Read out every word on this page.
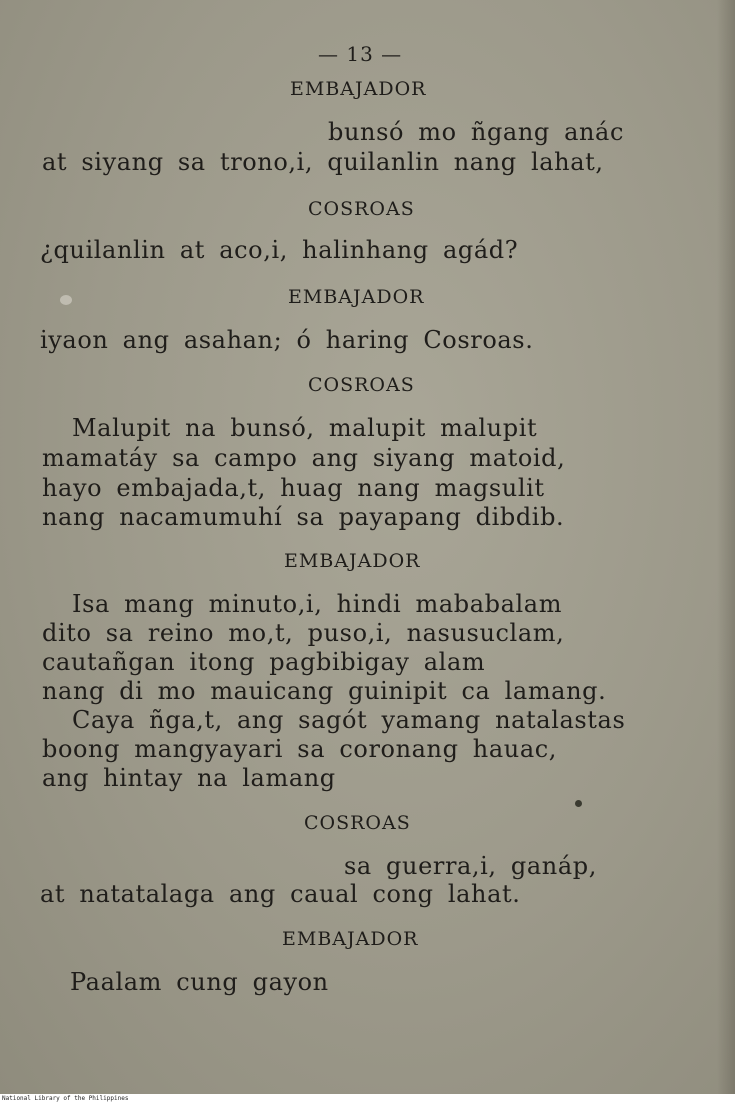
— 13 —
EMBAJADOR
bunsó mo ñgang anác
at siyang sa trono,i, quilanlin nang lahat,
COSROAS
¿quilanlin at aco,i, halinhang agád?
EMBAJADOR
iyaon ang asahan; ó haring Cosroas.
COSROAS
Malupit na bunsó, malupit malupit
mamatáy sa campo ang siyang matoid,
hayo embajada,t, huag nang magsulit
nang nacamumuhí sa payapang dibdib.
EMBAJADOR
Isa mang minuto,i, hindi mababalam
dito sa reino mo,t, puso,i, nasusuclam,
cautañgan itong pagbibigay alam
nang di mo mauicang guinipit ca lamang.
Caya ñga,t, ang sagót yamang natalastas
boong mangyayari sa coronang hauac,
ang hintay na lamang
COSROAS
sa guerra,i, ganáp,
at natatalaga ang caual cong lahat.
EMBAJADOR
Paalam cung gayon
National Library of the Philippines
